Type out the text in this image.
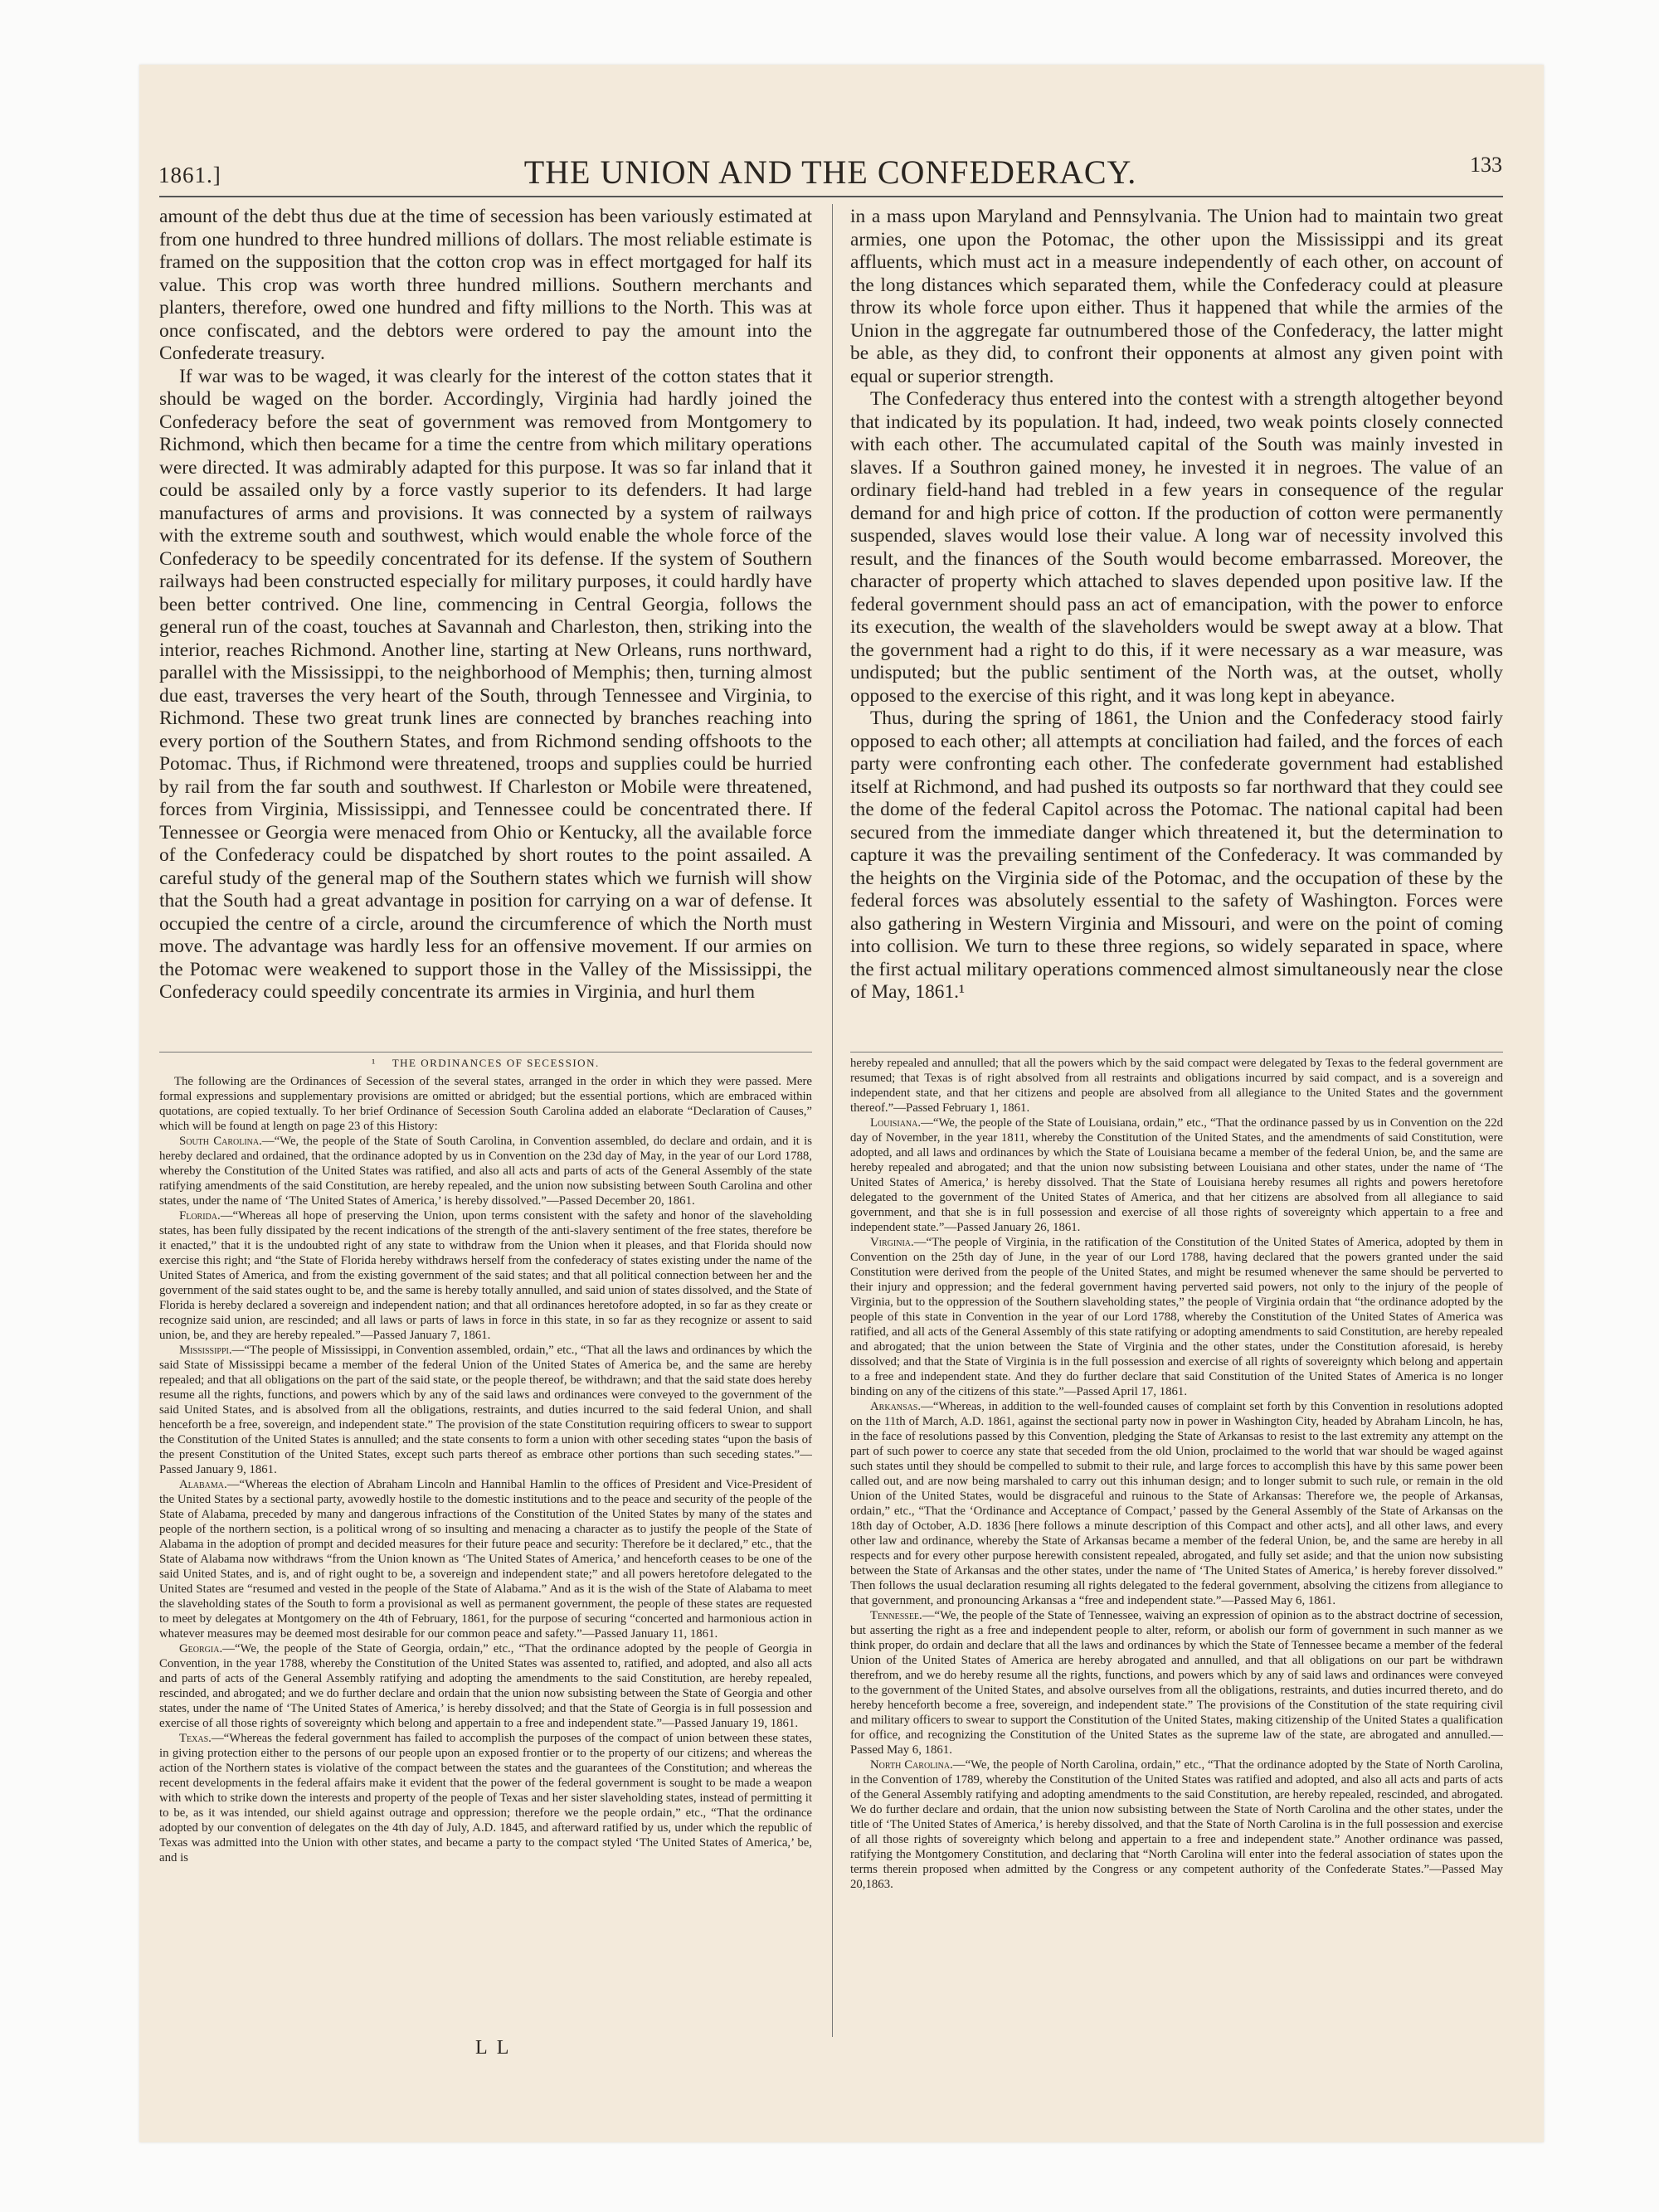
1861.]	THE UNION AND THE CONFEDERACY.	133

amount of the debt thus due at the time of secession has been variously estimated at from one hundred to three hundred millions of dollars. The most reliable estimate is framed on the supposition that the cotton crop was in effect mortgaged for half its value. This crop was worth three hundred millions. Southern merchants and planters, therefore, owed one hundred and fifty millions to the North. This was at once confiscated, and the debtors were ordered to pay the amount into the Confederate treasury.

If war was to be waged, it was clearly for the interest of the cotton states that it should be waged on the border. Accordingly, Virginia had hardly joined the Confederacy before the seat of government was removed from Montgomery to Richmond, which then became for a time the centre from which military operations were directed. It was admirably adapted for this purpose. It was so far inland that it could be assailed only by a force vastly superior to its defenders. It had large manufactures of arms and provisions. It was connected by a system of railways with the extreme south and southwest, which would enable the whole force of the Confederacy to be speedily concentrated for its defense. If the system of Southern railways had been constructed especially for military purposes, it could hardly have been better contrived. One line, commencing in Central Georgia, follows the general run of the coast, touches at Savannah and Charleston, then, striking into the interior, reaches Richmond. Another line, starting at New Orleans, runs northward, parallel with the Mississippi, to the neighborhood of Memphis; then, turning almost due east, traverses the very heart of the South, through Tennessee and Virginia, to Richmond. These two great trunk lines are connected by branches reaching into every portion of the Southern States, and from Richmond sending offshoots to the Potomac. Thus, if Richmond were threatened, troops and supplies could be hurried by rail from the far south and southwest. If Charleston or Mobile were threatened, forces from Virginia, Mississippi, and Tennessee could be concentrated there. If Tennessee or Georgia were menaced from Ohio or Kentucky, all the available force of the Confederacy could be dispatched by short routes to the point assailed. A careful study of the general map of the Southern states which we furnish will show that the South had a great advantage in position for carrying on a war of defense. It occupied the centre of a circle, around the circumference of which the North must move. The advantage was hardly less for an offensive movement. If our armies on the Potomac were weakened to support those in the Valley of the Mississippi, the Confederacy could speedily concentrate its armies in Virginia, and hurl them

in a mass upon Maryland and Pennsylvania. The Union had to maintain two great armies, one upon the Potomac, the other upon the Mississippi and its great affluents, which must act in a measure independently of each other, on account of the long distances which separated them, while the Confederacy could at pleasure throw its whole force upon either. Thus it happened that while the armies of the Union in the aggregate far outnumbered those of the Confederacy, the latter might be able, as they did, to confront their opponents at almost any given point with equal or superior strength.

The Confederacy thus entered into the contest with a strength altogether beyond that indicated by its population. It had, indeed, two weak points closely connected with each other. The accumulated capital of the South was mainly invested in slaves. If a Southron gained money, he invested it in negroes. The value of an ordinary field-hand had trebled in a few years in consequence of the regular demand for and high price of cotton. If the production of cotton were permanently suspended, slaves would lose their value. A long war of necessity involved this result, and the finances of the South would become embarrassed. Moreover, the character of property which attached to slaves depended upon positive law. If the federal government should pass an act of emancipation, with the power to enforce its execution, the wealth of the slaveholders would be swept away at a blow. That the government had a right to do this, if it were necessary as a war measure, was undisputed; but the public sentiment of the North was, at the outset, wholly opposed to the exercise of this right, and it was long kept in abeyance.

Thus, during the spring of 1861, the Union and the Confederacy stood fairly opposed to each other; all attempts at conciliation had failed, and the forces of each party were confronting each other. The confederate government had established itself at Richmond, and had pushed its outposts so far northward that they could see the dome of the federal Capitol across the Potomac. The national capital had been secured from the immediate danger which threatened it, but the determination to capture it was the prevailing sentiment of the Confederacy. It was commanded by the heights on the Virginia side of the Potomac, and the occupation of these by the federal forces was absolutely essential to the safety of Washington. Forces were also gathering in Western Virginia and Missouri, and were on the point of coming into collision. We turn to these three regions, so widely separated in space, where the first actual military operations commenced almost simultaneously near the close of May, 1861.¹

¹ THE ORDINANCES OF SECESSION.

The following are the Ordinances of Secession of the several states, arranged in the order in which they were passed. Mere formal expressions and supplementary provisions are omitted or abridged; but the essential portions, which are embraced within quotations, are copied textually. To her brief Ordinance of Secession South Carolina added an elaborate “Declaration of Causes,” which will be found at length on page 23 of this History:

South Carolina.—“We, the people of the State of South Carolina, in Convention assembled, do declare and ordain, and it is hereby declared and ordained, that the ordinance adopted by us in Convention on the 23d day of May, in the year of our Lord 1788, whereby the Constitution of the United States was ratified, and also all acts and parts of acts of the General Assembly of the state ratifying amendments of the said Constitution, are hereby repealed, and the union now subsisting between South Carolina and other states, under the name of ‘The United States of America,’ is hereby dissolved.”—Passed December 20, 1861.

Florida.—“Whereas all hope of preserving the Union, upon terms consistent with the safety and honor of the slaveholding states, has been fully dissipated by the recent indications of the strength of the anti-slavery sentiment of the free states, therefore be it enacted,” that it is the undoubted right of any state to withdraw from the Union when it pleases, and that Florida should now exercise this right; and “the State of Florida hereby withdraws herself from the confederacy of states existing under the name of the United States of America, and from the existing government of the said states; and that all political connection between her and the government of the said states ought to be, and the same is hereby totally annulled, and said union of states dissolved, and the State of Florida is hereby declared a sovereign and independent nation; and that all ordinances heretofore adopted, in so far as they create or recognize said union, are rescinded; and all laws or parts of laws in force in this state, in so far as they recognize or assent to said union, be, and they are hereby repealed.”—Passed January 7, 1861.

Mississippi.—“The people of Mississippi, in Convention assembled, ordain,” etc., “That all the laws and ordinances by which the said State of Mississippi became a member of the federal Union of the United States of America be, and the same are hereby repealed; and that all obligations on the part of the said state, or the people thereof, be withdrawn; and that the said state does hereby resume all the rights, functions, and powers which by any of the said laws and ordinances were conveyed to the government of the said United States, and is absolved from all the obligations, restraints, and duties incurred to the said federal Union, and shall henceforth be a free, sovereign, and independent state.” The provision of the state Constitution requiring officers to swear to support the Constitution of the United States is annulled; and the state consents to form a union with other seceding states “upon the basis of the present Constitution of the United States, except such parts thereof as embrace other portions than such seceding states.”—Passed January 9, 1861.

Alabama.—“Whereas the election of Abraham Lincoln and Hannibal Hamlin to the offices of President and Vice-President of the United States by a sectional party, avowedly hostile to the domestic institutions and to the peace and security of the people of the State of Alabama, preceded by many and dangerous infractions of the Constitution of the United States by many of the states and people of the northern section, is a political wrong of so insulting and menacing a character as to justify the people of the State of Alabama in the adoption of prompt and decided measures for their future peace and security: Therefore be it declared,” etc., that the State of Alabama now withdraws “from the Union known as ‘The United States of America,’ and henceforth ceases to be one of the said United States, and is, and of right ought to be, a sovereign and independent state;” and all powers heretofore delegated to the United States are “resumed and vested in the people of the State of Alabama.” And as it is the wish of the State of Alabama to meet the slaveholding states of the South to form a provisional as well as permanent government, the people of these states are requested to meet by delegates at Montgomery on the 4th of February, 1861, for the purpose of securing “concerted and harmonious action in whatever measures may be deemed most desirable for our common peace and safety.”—Passed January 11, 1861.

Georgia.—“We, the people of the State of Georgia, ordain,” etc., “That the ordinance adopted by the people of Georgia in Convention, in the year 1788, whereby the Constitution of the United States was assented to, ratified, and adopted, and also all acts and parts of acts of the General Assembly ratifying and adopting the amendments to the said Constitution, are hereby repealed, rescinded, and abrogated; and we do further declare and ordain that the union now subsisting between the State of Georgia and other states, under the name of ‘The United States of America,’ is hereby dissolved; and that the State of Georgia is in full possession and exercise of all those rights of sovereignty which belong and appertain to a free and independent state.”—Passed January 19, 1861.

Texas.—“Whereas the federal government has failed to accomplish the purposes of the compact of union between these states, in giving protection either to the persons of our people upon an exposed frontier or to the property of our citizens; and whereas the action of the Northern states is violative of the compact between the states and the guarantees of the Constitution; and whereas the recent developments in the federal affairs make it evident that the power of the federal government is sought to be made a weapon with which to strike down the interests and property of the people of Texas and her sister slaveholding states, instead of permitting it to be, as it was intended, our shield against outrage and oppression; therefore we the people ordain,” etc., “That the ordinance adopted by our convention of delegates on the 4th day of July, A.D. 1845, and afterward ratified by us, under which the republic of Texas was admitted into the Union with other states, and became a party to the compact styled ‘The United States of America,’ be, and is

hereby repealed and annulled; that all the powers which by the said compact were delegated by Texas to the federal government are resumed; that Texas is of right absolved from all restraints and obligations incurred by said compact, and is a sovereign and independent state, and that her citizens and people are absolved from all allegiance to the United States and the government thereof.”—Passed February 1, 1861.

Louisiana.—“We, the people of the State of Louisiana, ordain,” etc., “That the ordinance passed by us in Convention on the 22d day of November, in the year 1811, whereby the Constitution of the United States, and the amendments of said Constitution, were adopted, and all laws and ordinances by which the State of Louisiana became a member of the federal Union, be, and the same are hereby repealed and abrogated; and that the union now subsisting between Louisiana and other states, under the name of ‘The United States of America,’ is hereby dissolved. That the State of Louisiana hereby resumes all rights and powers heretofore delegated to the government of the United States of America, and that her citizens are absolved from all allegiance to said government, and that she is in full possession and exercise of all those rights of sovereignty which appertain to a free and independent state.”—Passed January 26, 1861.

Virginia.—“The people of Virginia, in the ratification of the Constitution of the United States of America, adopted by them in Convention on the 25th day of June, in the year of our Lord 1788, having declared that the powers granted under the said Constitution were derived from the people of the United States, and might be resumed whenever the same should be perverted to their injury and oppression; and the federal government having perverted said powers, not only to the injury of the people of Virginia, but to the oppression of the Southern slaveholding states,” the people of Virginia ordain that “the ordinance adopted by the people of this state in Convention in the year of our Lord 1788, whereby the Constitution of the United States of America was ratified, and all acts of the General Assembly of this state ratifying or adopting amendments to said Constitution, are hereby repealed and abrogated; that the union between the State of Virginia and the other states, under the Constitution aforesaid, is hereby dissolved; and that the State of Virginia is in the full possession and exercise of all rights of sovereignty which belong and appertain to a free and independent state. And they do further declare that said Constitution of the United States of America is no longer binding on any of the citizens of this state.”—Passed April 17, 1861.

Arkansas.—“Whereas, in addition to the well-founded causes of complaint set forth by this Convention in resolutions adopted on the 11th of March, A.D. 1861, against the sectional party now in power in Washington City, headed by Abraham Lincoln, he has, in the face of resolutions passed by this Convention, pledging the State of Arkansas to resist to the last extremity any attempt on the part of such power to coerce any state that seceded from the old Union, proclaimed to the world that war should be waged against such states until they should be compelled to submit to their rule, and large forces to accomplish this have by this same power been called out, and are now being marshaled to carry out this inhuman design; and to longer submit to such rule, or remain in the old Union of the United States, would be disgraceful and ruinous to the State of Arkansas: Therefore we, the people of Arkansas, ordain,” etc., “That the ‘Ordinance and Acceptance of Compact,’ passed by the General Assembly of the State of Arkansas on the 18th day of October, A.D. 1836 [here follows a minute description of this Compact and other acts], and all other laws, and every other law and ordinance, whereby the State of Arkansas became a member of the federal Union, be, and the same are hereby in all respects and for every other purpose herewith consistent repealed, abrogated, and fully set aside; and that the union now subsisting between the State of Arkansas and the other states, under the name of ‘The United States of America,’ is hereby forever dissolved.” Then follows the usual declaration resuming all rights delegated to the federal government, absolving the citizens from allegiance to that government, and pronouncing Arkansas a “free and independent state.”—Passed May 6, 1861.

Tennessee.—“We, the people of the State of Tennessee, waiving an expression of opinion as to the abstract doctrine of secession, but asserting the right as a free and independent people to alter, reform, or abolish our form of government in such manner as we think proper, do ordain and declare that all the laws and ordinances by which the State of Tennessee became a member of the federal Union of the United States of America are hereby abrogated and annulled, and that all obligations on our part be withdrawn therefrom, and we do hereby resume all the rights, functions, and powers which by any of said laws and ordinances were conveyed to the government of the United States, and absolve ourselves from all the obligations, restraints, and duties incurred thereto, and do hereby henceforth become a free, sovereign, and independent state.” The provisions of the Constitution of the state requiring civil and military officers to swear to support the Constitution of the United States, making citizenship of the United States a qualification for office, and recognizing the Constitution of the United States as the supreme law of the state, are abrogated and annulled.—Passed May 6, 1861.

North Carolina.—“We, the people of North Carolina, ordain,” etc., “That the ordinance adopted by the State of North Carolina, in the Convention of 1789, whereby the Constitution of the United States was ratified and adopted, and also all acts and parts of acts of the General Assembly ratifying and adopting amendments to the said Constitution, are hereby repealed, rescinded, and abrogated. We do further declare and ordain, that the union now subsisting between the State of North Carolina and the other states, under the title of ‘The United States of America,’ is hereby dissolved, and that the State of North Carolina is in the full possession and exercise of all those rights of sovereignty which belong and appertain to a free and independent state.” Another ordinance was passed, ratifying the Montgomery Constitution, and declaring that “North Carolina will enter into the federal association of states upon the terms therein proposed when admitted by the Congress or any competent authority of the Confederate States.”—Passed May 20,1863.

L L
